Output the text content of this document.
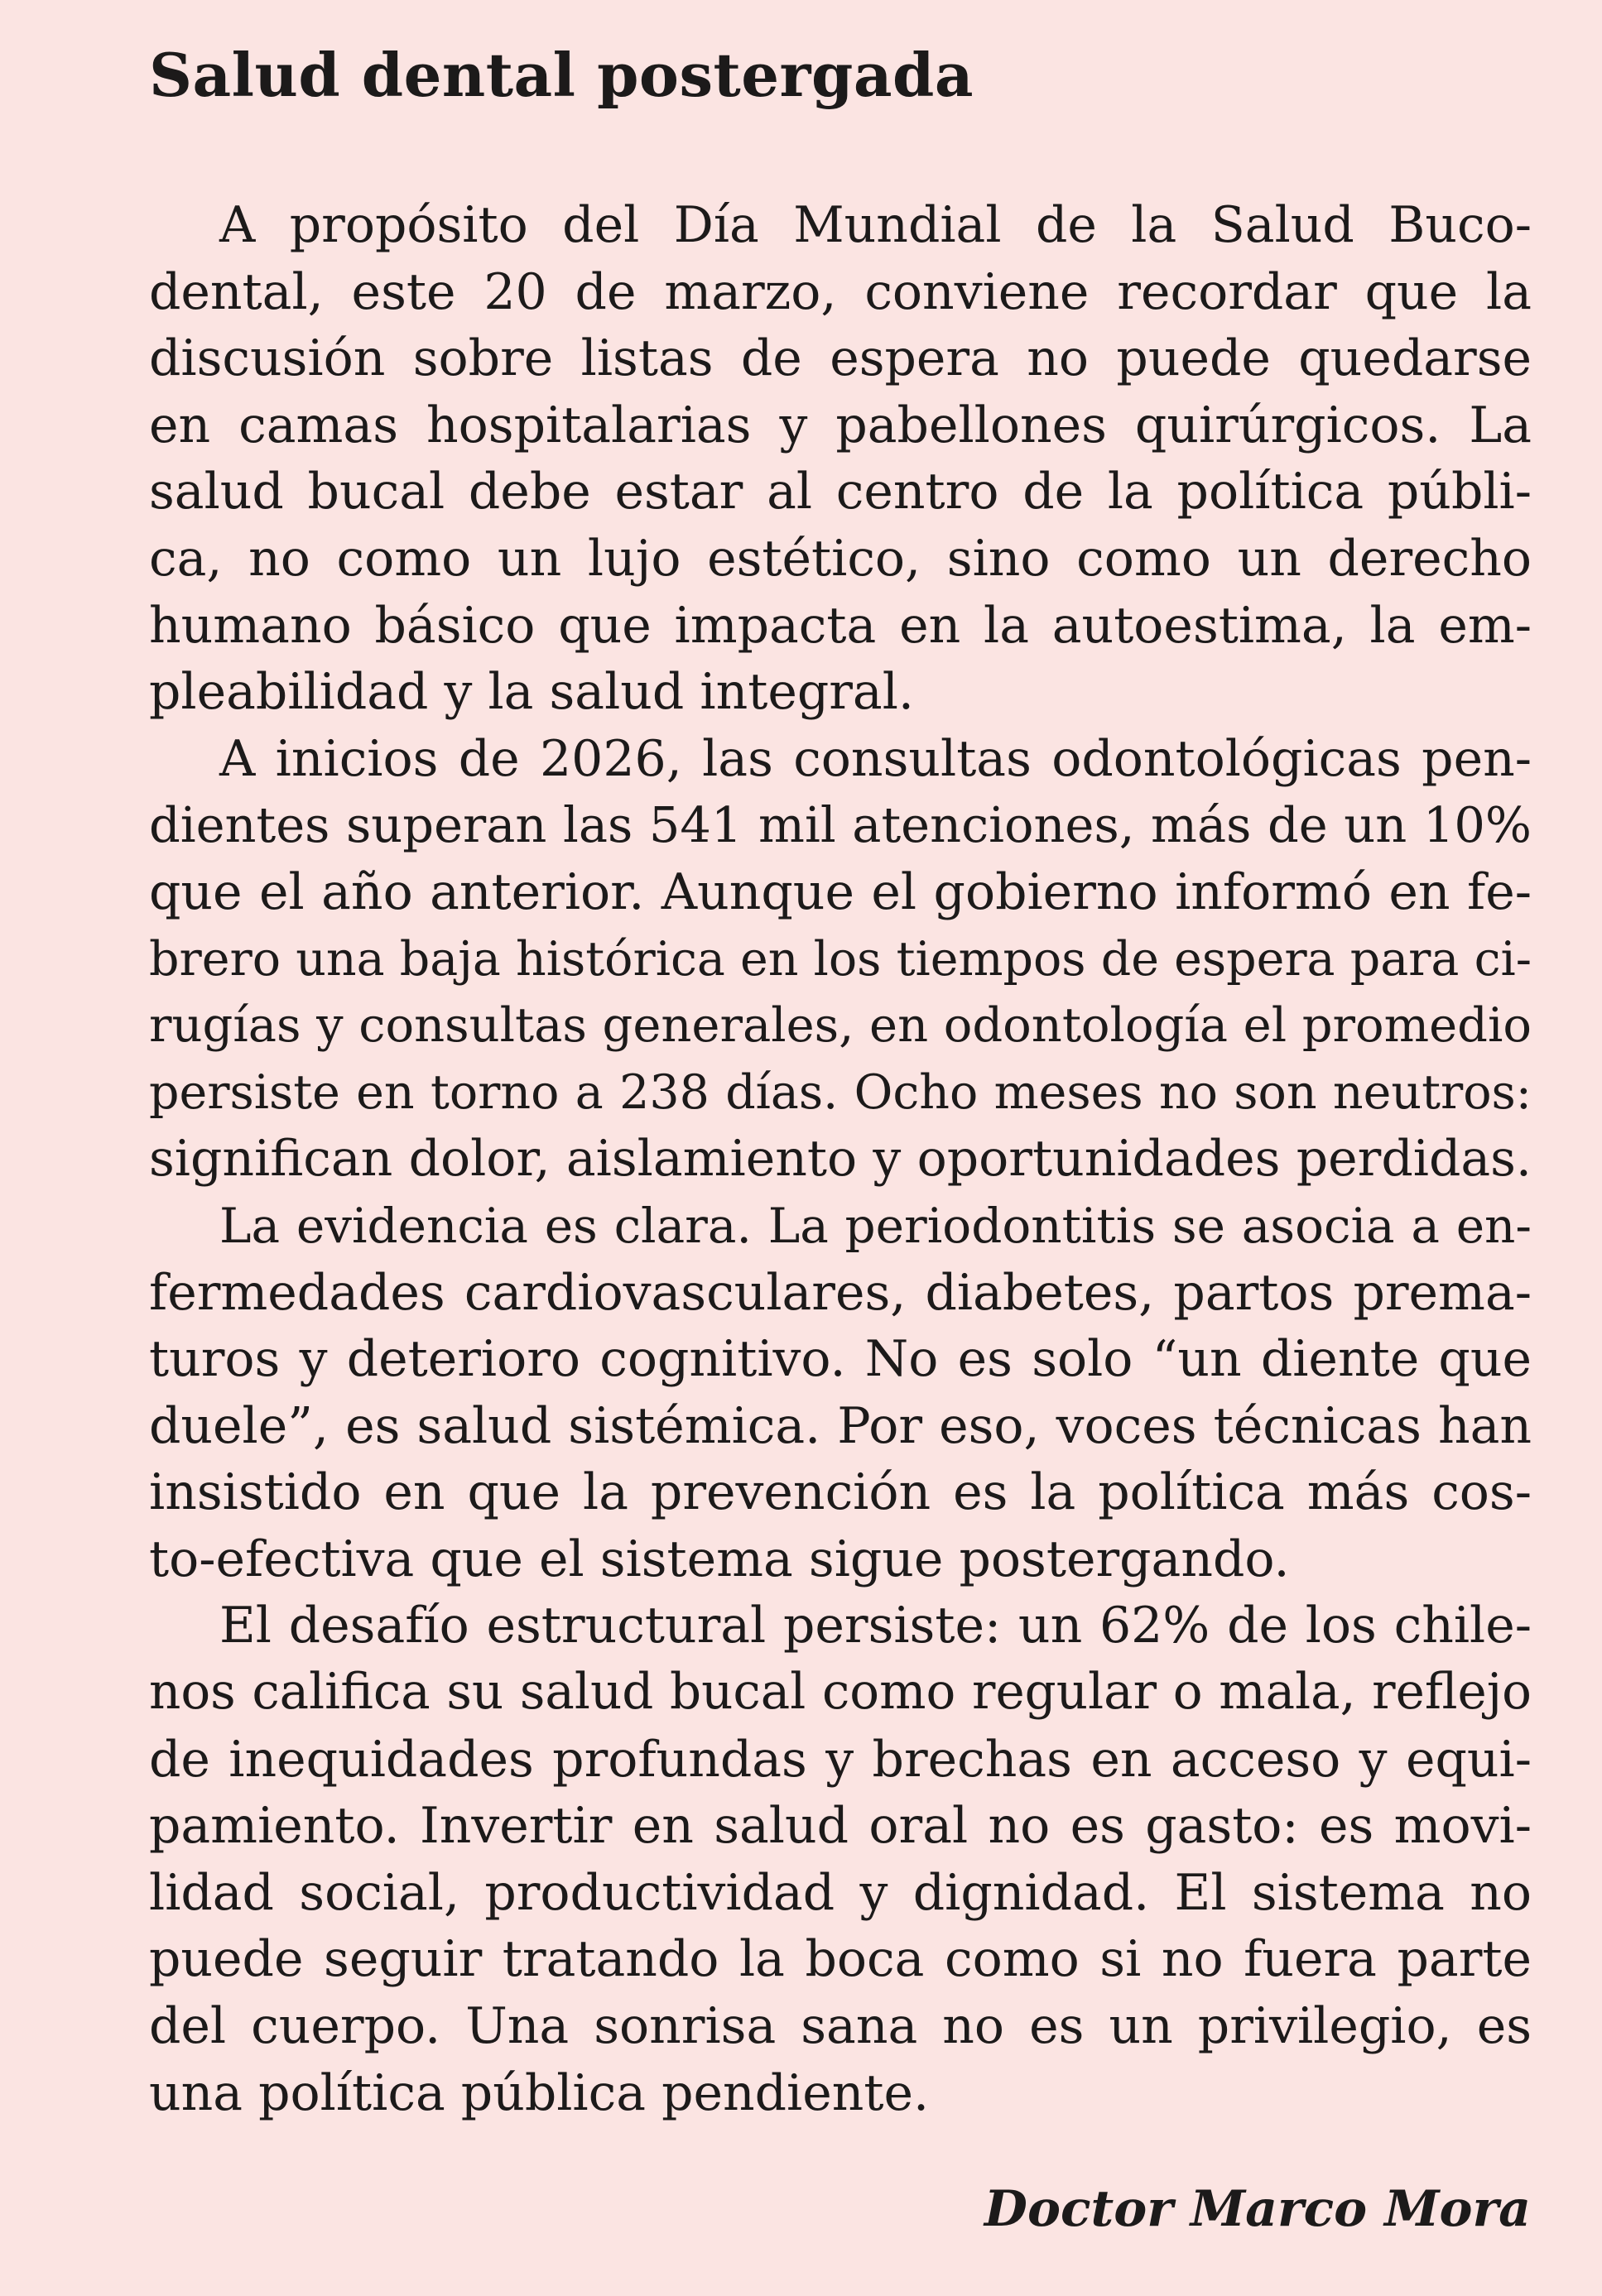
Salud dental postergada
A propósito del Día Mundial de la Salud Buco-
dental, este 20 de marzo, conviene recordar que la
discusión sobre listas de espera no puede quedarse
en camas hospitalarias y pabellones quirúrgicos. La
salud bucal debe estar al centro de la política públi-
ca, no como un lujo estético, sino como un derecho
humano básico que impacta en la autoestima, la em-
pleabilidad y la salud integral.
A inicios de 2026, las consultas odontológicas pen-
dientes superan las 541 mil atenciones, más de un 10%
que el año anterior. Aunque el gobierno informó en fe-
brero una baja histórica en los tiempos de espera para ci-
rugías y consultas generales, en odontología el promedio
persiste en torno a 238 días. Ocho meses no son neutros:
significan dolor, aislamiento y oportunidades perdidas.
La evidencia es clara. La periodontitis se asocia a en-
fermedades cardiovasculares, diabetes, partos prema-
turos y deterioro cognitivo. No es solo “un diente que
duele”, es salud sistémica. Por eso, voces técnicas han
insistido en que la prevención es la política más cos-
to-efectiva que el sistema sigue postergando.
El desafío estructural persiste: un 62% de los chile-
nos califica su salud bucal como regular o mala, reflejo
de inequidades profundas y brechas en acceso y equi-
pamiento. Invertir en salud oral no es gasto: es movi-
lidad social, productividad y dignidad. El sistema no
puede seguir tratando la boca como si no fuera parte
del cuerpo. Una sonrisa sana no es un privilegio, es
una política pública pendiente.
Doctor Marco Mora
